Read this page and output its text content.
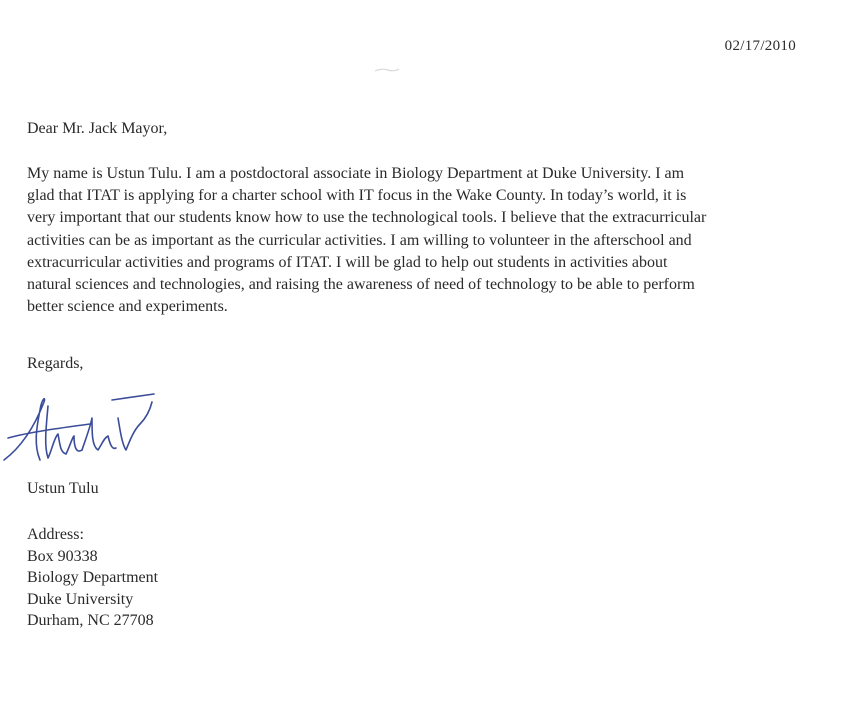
02/17/2010
Dear Mr. Jack Mayor,
My name is Ustun Tulu. I am a postdoctoral associate in Biology Department at Duke University. I am
glad that ITAT is applying for a charter school with IT focus in the Wake County. In today’s world, it is
very important that our students know how to use the technological tools. I believe that the extracurricular
activities can be as important as the curricular activities. I am willing to volunteer in the afterschool and
extracurricular activities and programs of ITAT. I will be glad to help out students in activities about
natural sciences and technologies, and raising the awareness of need of technology to be able to perform
better science and experiments.
Regards,
Ustun Tulu
Address:
Box 90338
Biology Department
Duke University
Durham, NC 27708
